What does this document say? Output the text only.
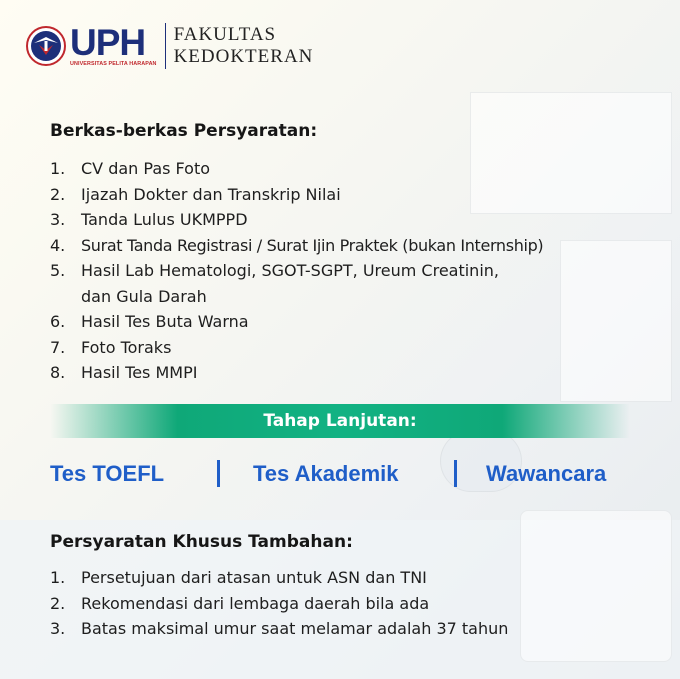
UPH
UNIVERSITAS PELITA HARAPAN
FAKULTAS
KEDOKTERAN
Berkas-berkas Persyaratan:
1. CV dan Pas Foto
2. Ijazah Dokter dan Transkrip Nilai
3. Tanda Lulus UKMPPD
4. Surat Tanda Registrasi / Surat Ijin Praktek (bukan Internship)
5. Hasil Lab Hematologi, SGOT-SGPT, Ureum Creatinin,
dan Gula Darah
6. Hasil Tes Buta Warna
7. Foto Toraks
8. Hasil Tes MMPI
Tahap Lanjutan:
Tes TOEFL	Tes Akademik	Wawancara
Persyaratan Khusus Tambahan:
1. Persetujuan dari atasan untuk ASN dan TNI
2. Rekomendasi dari lembaga daerah bila ada
3. Batas maksimal umur saat melamar adalah 37 tahun
